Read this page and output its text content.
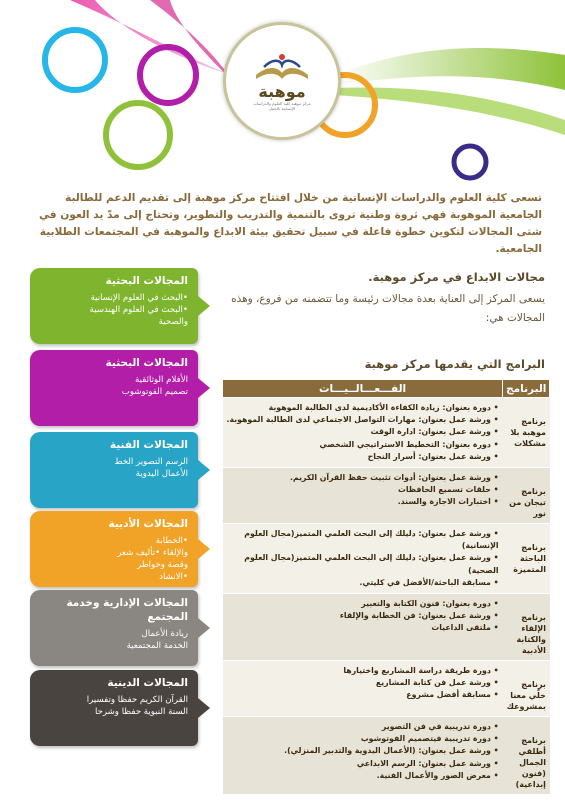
موهبة
مركز موهبة كلية العلوم والدراسات الإنسانية بالجبيل
تسعى كلية العلوم والدراسات الإنسانية من خلال افتتاح مركز موهبة إلى تقديم الدعم للطالبة الجامعية الموهوبة فهي ثروة وطنية تروى بالتنمية والتدريب والتطوير، وتحتاج إلى مدّ يد العون في شتى المجالات لتكوين خطوة فاعلة في سبيل تحقيق بيئة الابداع والموهبة في المجتمعات الطلابية الجامعية.
مجالات الابداع في مركز موهبة.
يسعى المركز إلى العناية بعدة مجالات رئيسة وما تتضمنه من فروع، وهذه المجالات هي:
البرامج التي يقدمها مركز موهبة
المجالات البحثية
•البحث في العلوم الإنسانية
•البحث في العلوم الهندسية
والصحية
المجالات البحثية
الأفلام الوثائقية
تصميم الفوتوشوب
المجالات الفنية
الرسم التصوير الخط
الأعمال اليدوية
المجالات الأدبية
•الخطابة
والإلقاء •تأليف شعر
وقصة وخواطر
•الانشاد
المجالات الإدارية وخدمة المجتمع
ريادة الأعمال
الخدمة المجتمعية
المجالات الدينية
القرآن الكريم حفظا وتفسيرا
السنة النبوية حفظا وشرحا
البرنامج	الفـــعـــالــيـــات
برنامج موهبة بلا مشكلات	• دورة بعنوان: زيادة الكفاءة الأكاديمية لدى الطالبة الموهوبة
• ورشة عمل بعنوان: مهارات التواصل الاجتماعي لدى الطالبة الموهوبة.
• ورشة عمل بعنوان: ادارة الوقت
• دورة بعنوان: التخطيط الاستراتيجي الشخصي
• ورشة عمل بعنوان: أسرار النجاح

برنامج تيجان من نور	• ورشة عمل بعنوان: أدوات تثبيت حفظ القرآن الكريم.
• حلقات تسميع الحافظات
• اختبارات الاجازة والسند.

برنامج الباحثة المتميزة	• ورشة عمل بعنوان: دليلك إلى البحث العلمي المتميز(مجال العلوم
الإنسانية)
• ورشة عمل بعنوان: دليلك إلى البحث العلمي المتميز(مجال العلوم
الصحية)
• مسابقة الباحثة/الأفضل في كليتي.

برنامج الإلقاء والكتابة الأدبية	• دورة بعنوان: فنون الكتابة والتعبير
• ورشة عمل بعنوان: فن الخطابة والإلقاء
• ملتقى الداعيات

برنامج خلّي معنا بمشروعك	• دورة طريقة دراسة المشاريع واختيارها
• ورشة عمل فن كتابة المشاريع
• مسابقة أفضل مشروع

برنامج أطلقي الجمال (فنون إبداعية)	• دورة تدريبية في فن التصوير
• دورة تدريبية فيتصميم الفوتوشوب
• ورشة عمل بعنوان: (الأعمال اليدوية والتدبير المنزلي).
• ورشة عمل بعنوان: الرسم الابداعي
• معرض الصور والأعمال الفنية.
